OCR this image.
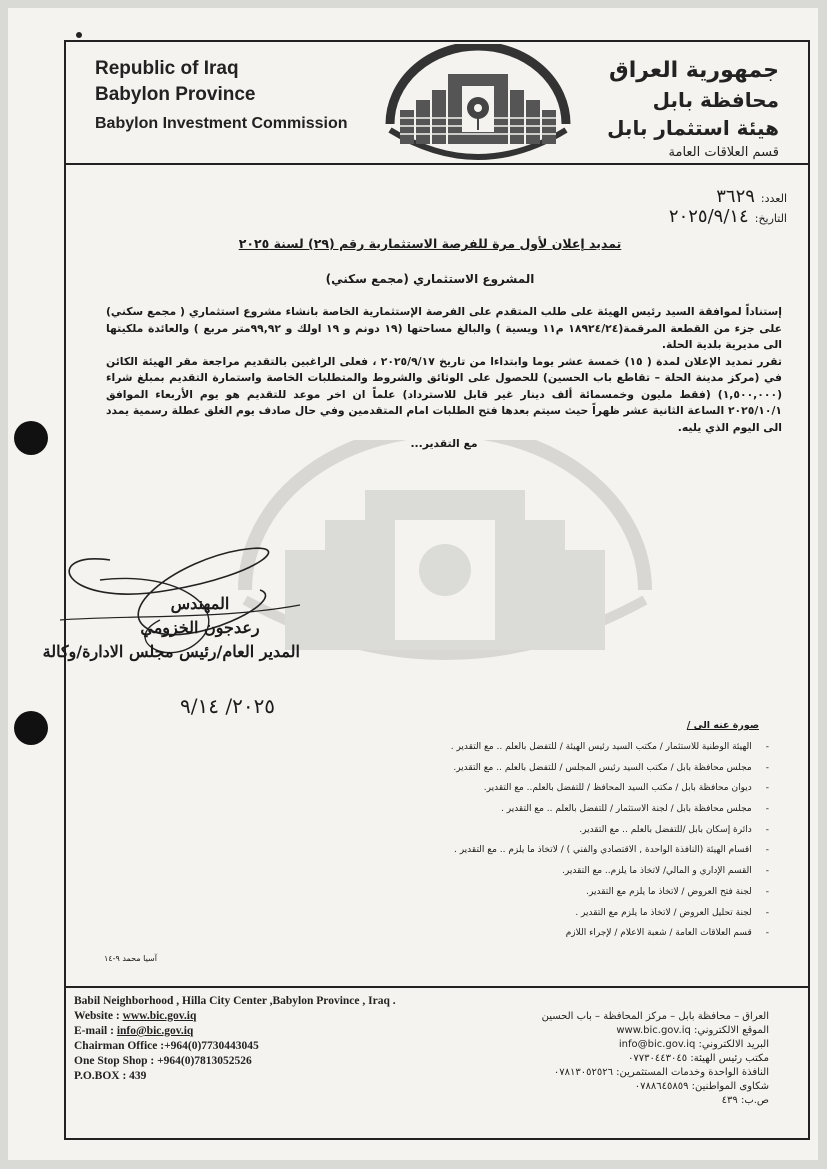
Republic of Iraq
Babylon Province
Babylon Investment Commission
جمهورية العراق
محافظة بابل
هيئة استثمار بابل
قسم العلاقات العامة
العدد:
٣٦٢٩
التاريخ:
٢٠٢٥/٩/١٤
تمديد إعلان لأول مرة للفرصة الاستثمارية رقم (٢٩) لسنة ٢٠٢٥
المشروع الاستثماري (مجمع سكني)

إستناداً لموافقة السيد رئيس الهيئة على طلب المتقدم على الفرصة الإستثمارية الخاصة بانشاء مشروع استثماري ( مجمع سكني) على جزء من القطعة المرقمة(١٨٩٢٤/٢٤ م١١ ويسية ) والبالغ مساحتها (١٩ دونم و ١٩ اولك و ٩٩,٩٢متر مربع ) والعائدة ملكيتها الى مديرية بلدية الحلة.

تقرر تمديد الإعلان لمدة ( ١٥) خمسة عشر يوما وابتداءا من تاريخ ٢٠٢٥/٩/١٧ ، فعلى الراغبين بالتقديم مراجعة مقر الهيئة الكائن في (مركز مدينة الحلة – تقاطع باب الحسين) للحصول على الوثائق والشروط والمتطلبات الخاصة واستمارة التقديم بمبلغ شراء (١,٥٠٠,٠٠٠) (فقط مليون وخمسمائة ألف دينار غير قابل للاسترداد) علماً ان اخر موعد للتقديم هو يوم الأربعاء الموافق ٢٠٢٥/١٠/١ الساعة الثانية عشر ظهراً حيث سيتم بعدها فتح الطلبات امام المتقدمين وفي حال صادف يوم الغلق عطلة رسمية يمدد الى اليوم الذي يليه.

مع التقدير...

المهندس
رعدجون الخزومي
المدير العام/رئيس مجلس الادارة/وكالة
٢٠٢٥/ ٩/١٤
صورة عنه الى /
- الهيئة الوطنية للاستثمار / مكتب السيد رئيس الهيئة / للتفضل بالعلم .. مع التقدير .
- مجلس محافظة بابل / مكتب السيد رئيس المجلس / للتفضل بالعلم .. مع التقدير.
- ديوان محافظة بابل / مكتب السيد المحافظ / للتفضل بالعلم.. مع التقدير.
- مجلس محافظة بابل / لجنة الاستثمار / للتفضل بالعلم .. مع التقدير .
- دائرة إسكان بابل /للتفضل بالعلم .. مع التقدير.
- اقسام الهيئة (النافذة الواحدة , الاقتصادي والفني ) / لاتخاذ ما يلزم .. مع التقدير .
- القسم الإداري و المالي/ لاتخاذ ما يلزم.. مع التقدير.
- لجنة فتح العروض / لاتخاذ ما يلزم مع التقدير.
- لجنة تحليل العروض / لاتخاذ ما يلزم مع التقدير .
- قسم العلاقات العامة / شعبة الاعلام / لإجراء اللازم
آسيا محمد ٩-١٤
Babil Neighborhood , Hilla City Center ,Babylon Province , Iraq .
Website : www.bic.gov.iq
E-mail : info@bic.gov.iq
Chairman Office :+964(0)7730443045
One Stop Shop : +964(0)7813052526
P.O.BOX : 439
العراق – محافظة بابل – مركز المحافظة – باب الحسين
الموقع الالكتروني: www.bic.gov.iq
البريد الالكتروني: info@bic.gov.iq
مكتب رئيس الهيئة: ٠٧٧٣٠٤٤٣٠٤٥
النافذة الواحدة وخدمات المستثمرين: ٠٧٨١٣٠٥٢٥٢٦
شكاوى المواطنين: ٠٧٨٨٦٤٥٨٥٩
ص.ب: ٤٣٩
